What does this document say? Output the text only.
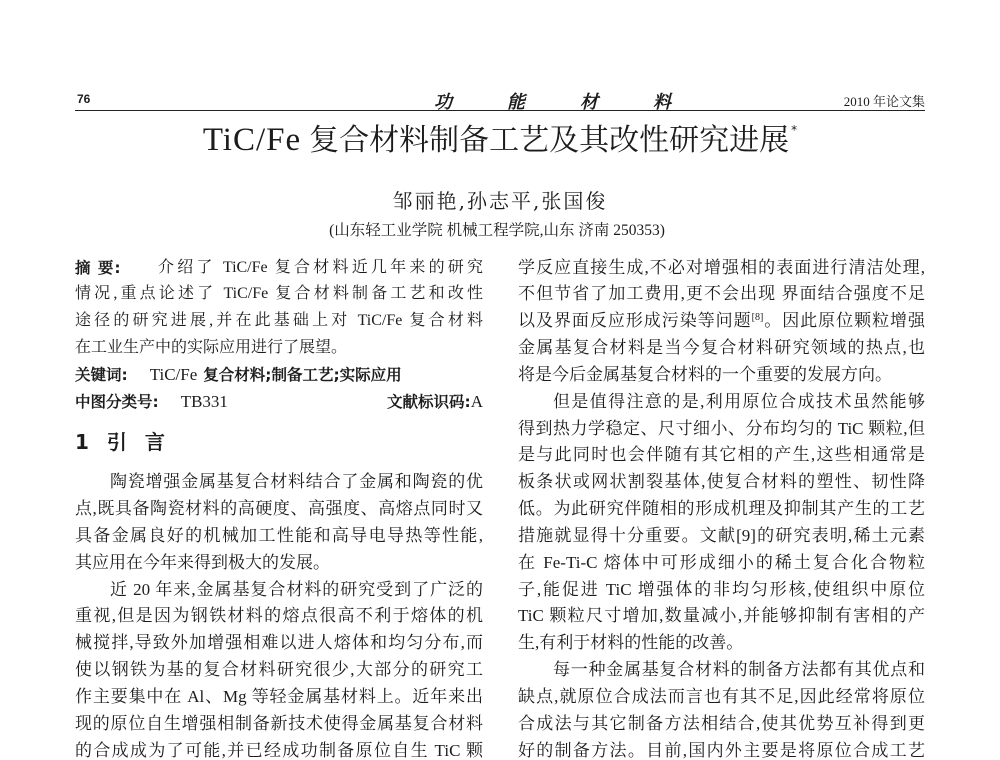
76	功能材料	2010 年论文集
TiC/Fe 复合材料制备工艺及其改性研究进展 *
邹丽艳,孙志平,张国俊
(山东轻工业学院 机械工程学院,山东 济南 250353)
摘 要:	介绍了 TiC/Fe 复合材料近几年来的研究
情况,重点论述了 TiC/Fe 复合材料制备工艺和改性
途径的研究进展,并在此基础上对 TiC/Fe 复合材料
在工业生产中的实际应用进行了展望。
关键词: TiC/Fe 复合材料;制备工艺;实际应用
中图分类号: TB331	文献标识码:A
1 引言
陶瓷增强金属基复合材料结合了金属和陶瓷的优
点,既具备陶瓷材料的高硬度、高强度、高熔点同时又
具备金属良好的机械加工性能和高导电导热等性能,
其应用在今年来得到极大的发展。
近 20 年来,金属基复合材料的研究受到了广泛的
重视,但是因为钢铁材料的熔点很高不利于熔体的机
械搅拌,导致外加增强相难以进人熔体和均匀分布,而
使以钢铁为基的复合材料研究很少,大部分的研究工
作主要集中在 Al、Mg 等轻金属基材料上。近年来出
现的原位自生增强相制备新技术使得金属基复合材料
的合成成为了可能,并已经成功制备原位自生 TiC 颗
学反应直接生成,不必对增强相的表面进行清洁处理,
不但节省了加工费用,更不会出现 界面结合强度不足
以及界面反应形成污染等问题[8]。因此原位颗粒增强
金属基复合材料是当今复合材料研究领域的热点,也
将是今后金属基复合材料的一个重要的发展方向。
但是值得注意的是,利用原位合成技术虽然能够
得到热力学稳定、尺寸细小、分布均匀的 TiC 颗粒,但
是与此同时也会伴随有其它相的产生,这些相通常是
板条状或网状割裂基体,使复合材料的塑性、韧性降
低。为此研究伴随相的形成机理及抑制其产生的工艺
措施就显得十分重要。文献[9]的研究表明,稀土元素
在 Fe-Ti-C 熔体中可形成细小的稀土复合化合物粒
子,能促进 TiC 增强体的非均匀形核,使组织中原位
TiC 颗粒尺寸增加,数量减小,并能够抑制有害相的产
生,有利于材料的性能的改善。
每一种金属基复合材料的制备方法都有其优点和
缺点,就原位合成法而言也有其不足,因此经常将原位
合成法与其它制备方法相结合,使其优势互补得到更
好的制备方法。目前,国内外主要是将原位合成工艺
